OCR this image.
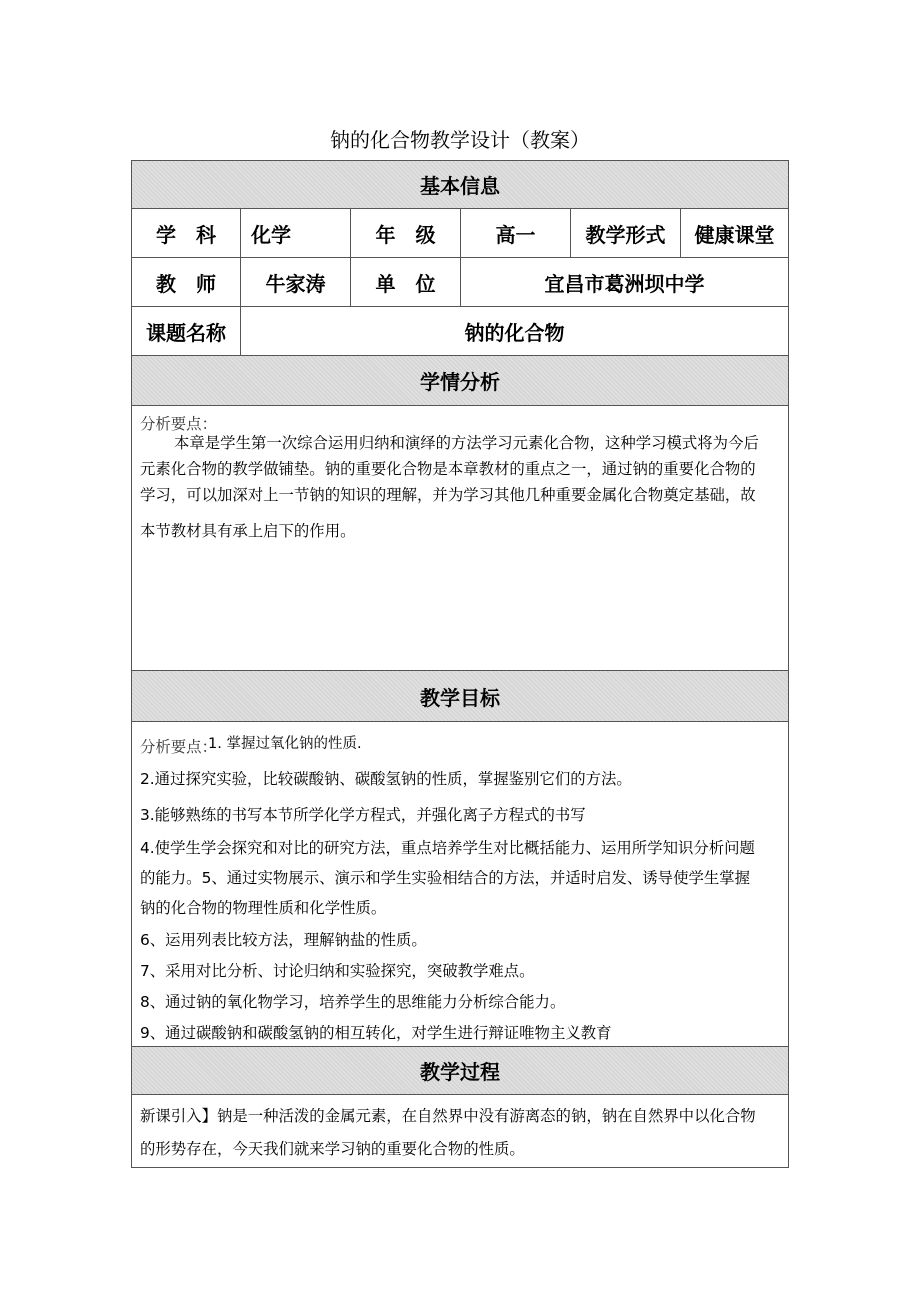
钠的化合物教学设计（教案）
基本信息
学　科	化学	年　级	高一	教学形式	健康课堂
教　师	牛家涛	单　位	宜昌市葛洲坝中学
课题名称	钠的化合物
学情分析
分析要点：
本章是学生第一次综合运用归纳和演绎的方法学习元素化合物，这种学习模式将为今后
元素化合物的教学做铺垫。钠的重要化合物是本章教材的重点之一，通过钠的重要化合物的
学习，可以加深对上一节钠的知识的理解，并为学习其他几种重要金属化合物奠定基础，故
本节教材具有承上启下的作用。
教学目标
分析要点：
1. 掌握过氧化钠的性质.
2.通过探究实验，比较碳酸钠、碳酸氢钠的性质，掌握鉴别它们的方法。
3.能够熟练的书写本节所学化学方程式，并强化离子方程式的书写
4.使学生学会探究和对比的研究方法，重点培养学生对比概括能力、运用所学知识分析问题
的能力。5、通过实物展示、演示和学生实验相结合的方法，并适时启发、诱导使学生掌握
钠的化合物的物理性质和化学性质。
6、运用列表比较方法，理解钠盐的性质。
7、采用对比分析、讨论归纳和实验探究，突破教学难点。
8、通过钠的氧化物学习，培养学生的思维能力分析综合能力。
9、通过碳酸钠和碳酸氢钠的相互转化，对学生进行辩证唯物主义教育
教学过程
新课引入】钠是一种活泼的金属元素，在自然界中没有游离态的钠，钠在自然界中以化合物
的形势存在，今天我们就来学习钠的重要化合物的性质。
